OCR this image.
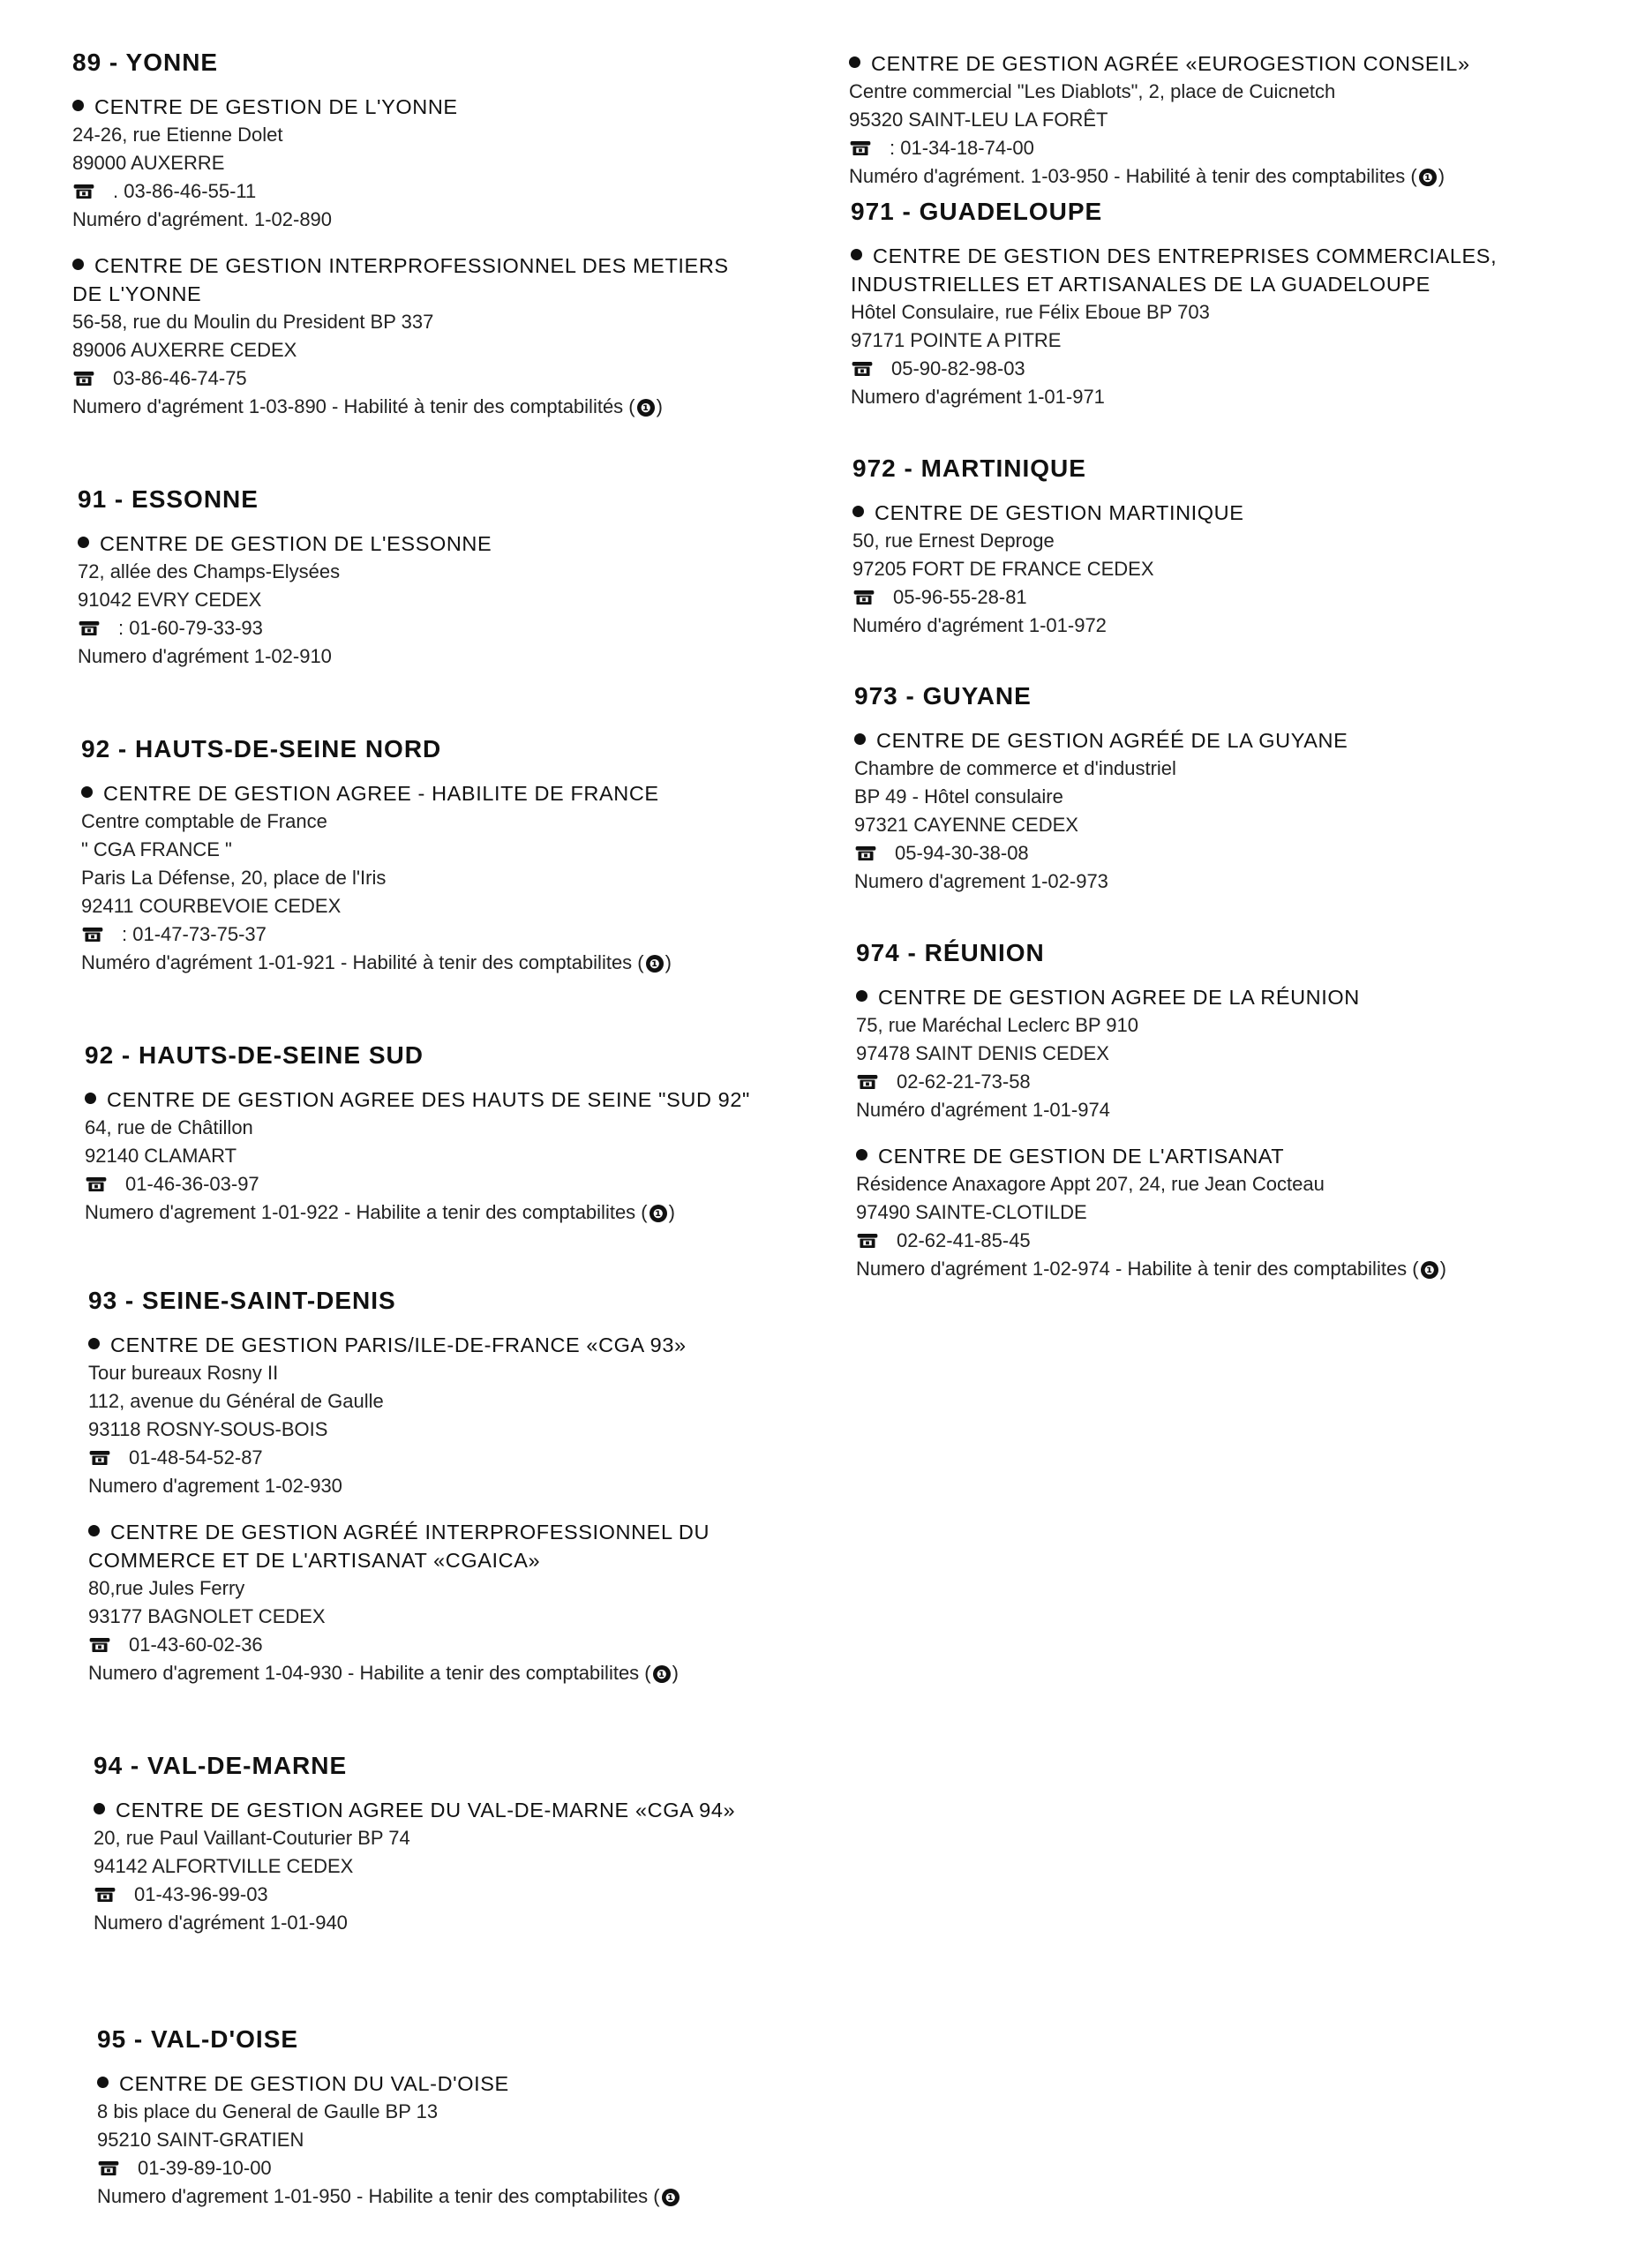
89 - YONNE
CENTRE DE GESTION DE L'YONNE
24-26, rue Etienne Dolet
89000 AUXERRE
. 03-86-46-55-11
Numéro d'agrément. 1-02-890
CENTRE DE GESTION INTERPROFESSIONNEL DES METIERS
DE L'YONNE
56-58, rue du Moulin du President BP 337
89006 AUXERRE CEDEX
03-86-46-74-75
Numero d'agrément 1-03-890 - Habilité à tenir des comptabilités ( ❶ )
91 - ESSONNE
CENTRE DE GESTION DE L'ESSONNE
72, allée des Champs-Elysées
91042 EVRY CEDEX
: 01-60-79-33-93
Numero d'agrément 1-02-910
92 - HAUTS-DE-SEINE NORD
CENTRE DE GESTION AGREE - HABILITE DE FRANCE
Centre comptable de France
" CGA FRANCE "
Paris La Défense, 20, place de l'Iris
92411 COURBEVOIE CEDEX
: 01-47-73-75-37
Numéro d'agrément 1-01-921 - Habilité à tenir des comptabilites ( ❶ )
92 - HAUTS-DE-SEINE SUD
CENTRE DE GESTION AGREE DES HAUTS DE SEINE "SUD 92"
64, rue de Châtillon
92140 CLAMART
01-46-36-03-97
Numero d'agrement 1-01-922 - Habilite a tenir des comptabilites ( ❶ )
93 - SEINE-SAINT-DENIS
CENTRE DE GESTION PARIS/ILE-DE-FRANCE «CGA 93»
Tour bureaux Rosny II
112, avenue du Général de Gaulle
93118 ROSNY-SOUS-BOIS
01-48-54-52-87
Numero d'agrement 1-02-930
CENTRE DE GESTION AGRÉÉ INTERPROFESSIONNEL DU
COMMERCE ET DE L'ARTISANAT «CGAICA»
80,rue Jules Ferry
93177 BAGNOLET CEDEX
01-43-60-02-36
Numero d'agrement 1-04-930 - Habilite a tenir des comptabilites ( ❶ )
94 - VAL-DE-MARNE
CENTRE DE GESTION AGREE DU VAL-DE-MARNE «CGA 94»
20, rue Paul Vaillant-Couturier BP 74
94142 ALFORTVILLE CEDEX
01-43-96-99-03
Numero d'agrément 1-01-940
95 - VAL-D'OISE
CENTRE DE GESTION DU VAL-D'OISE
8 bis place du General de Gaulle BP 13
95210 SAINT-GRATIEN
01-39-89-10-00
Numero d'agrement 1-01-950 - Habilite a tenir des comptabilites ( ❶
CENTRE DE GESTION AGRÉE «EUROGESTION CONSEIL»
Centre commercial "Les Diablots", 2, place de Cuicnetch
95320 SAINT-LEU LA FORÊT
: 01-34-18-74-00
Numéro d'agrément. 1-03-950 - Habilité à tenir des comptabilites ( ❶ )
971 - GUADELOUPE
CENTRE DE GESTION DES ENTREPRISES COMMERCIALES,
INDUSTRIELLES ET ARTISANALES DE LA GUADELOUPE
Hôtel Consulaire, rue Félix Eboue BP 703
97171 POINTE A PITRE
05-90-82-98-03
Numero d'agrément 1-01-971
972 - MARTINIQUE
CENTRE DE GESTION MARTINIQUE
50, rue Ernest Deproge
97205 FORT DE FRANCE CEDEX
05-96-55-28-81
Numéro d'agrément 1-01-972
973 - GUYANE
CENTRE DE GESTION AGRÉÉ DE LA GUYANE
Chambre de commerce et d'industriel
BP 49 - Hôtel consulaire
97321 CAYENNE CEDEX
05-94-30-38-08
Numero d'agrement 1-02-973
974 - RÉUNION
CENTRE DE GESTION AGREE DE LA RÉUNION
75, rue Maréchal Leclerc BP 910
97478 SAINT DENIS CEDEX
02-62-21-73-58
Numéro d'agrément 1-01-974
CENTRE DE GESTION DE L'ARTISANAT
Résidence Anaxagore Appt 207, 24, rue Jean Cocteau
97490 SAINTE-CLOTILDE
02-62-41-85-45
Numero d'agrément 1-02-974 - Habilite à tenir des comptabilites ( ❶ )
